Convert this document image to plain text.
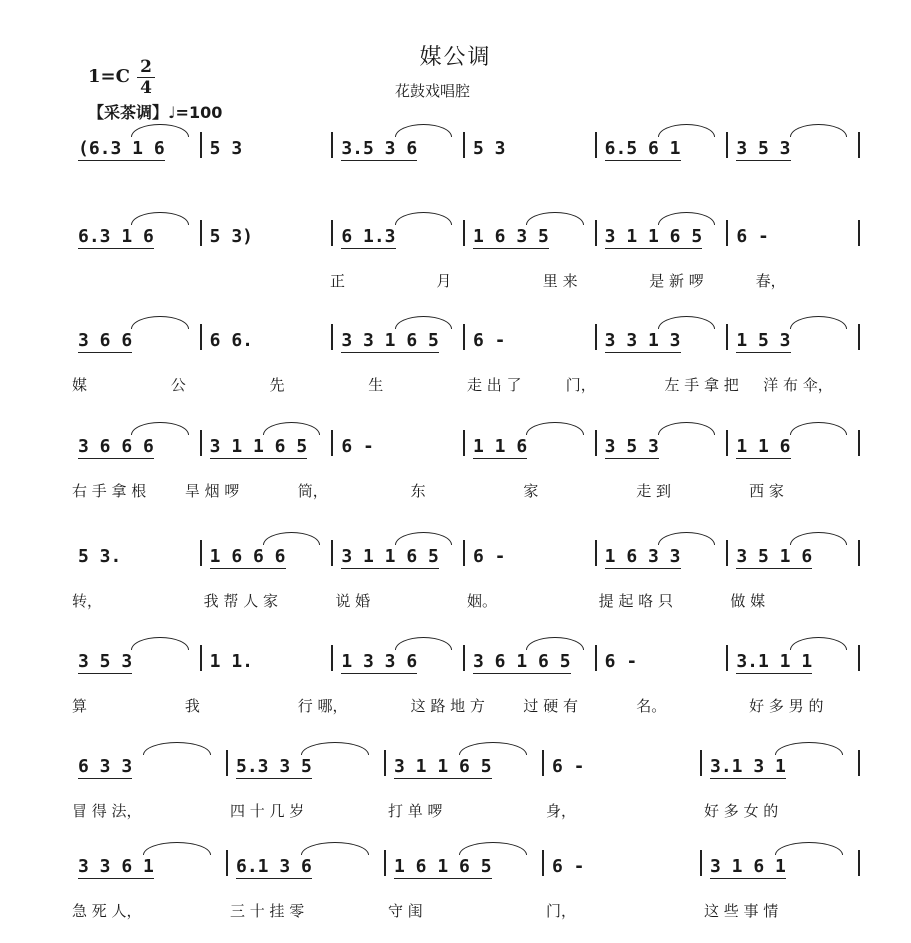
媒公调
花鼓戏唱腔
1=C 2
4
【采茶调】♩=100
(6.3 1 6 5 3	3.5 3 6	5 3	6.5 6 1	3 5 3
6.3 1 6	5 3)	6 1.3	1 6 3 5	3 1 1 6 5 6 -
正	月	里 来	是 新 啰	春，
3 6 6	6 6.	3 3 1 6 5 6 -	3 3 1 3	1 5 3
媒	公	先	生	走 出 了	门，	左 手 拿 把 洋 布 伞，
3 6 6 6	3 1 1 6 5 6 -	1 1 6	3 5 3	1 1 6
右 手 拿 根	旱 烟 啰	筒，	东	家	走 到	西 家
5 3.	1 6 6 6	3 1 1 6 5 6 -	1 6 3 3	3 5 1 6
转，	我 帮 人 家	说 婚	姻。	提 起 咯 只	做 媒
3 5 3	1 1.	1 3 3 6	3 6 1 6 5 6 -	3.1 1 1
算	我	行 哪，	这 路 地 方	过 硬 有	名。	好 多 男 的
6 3 3	5.3 3 5	3 1 1 6 5	6 -	3.1 3 1
冒 得 法，	四 十 几 岁	打 单 啰	身，	好 多 女 的
3 3 6 1	6.1 3 6	1 6 1 6 5	6 -	3 1 6 1
急 死 人，	三 十 挂 零	守 闺	门，	这 些 事 情
